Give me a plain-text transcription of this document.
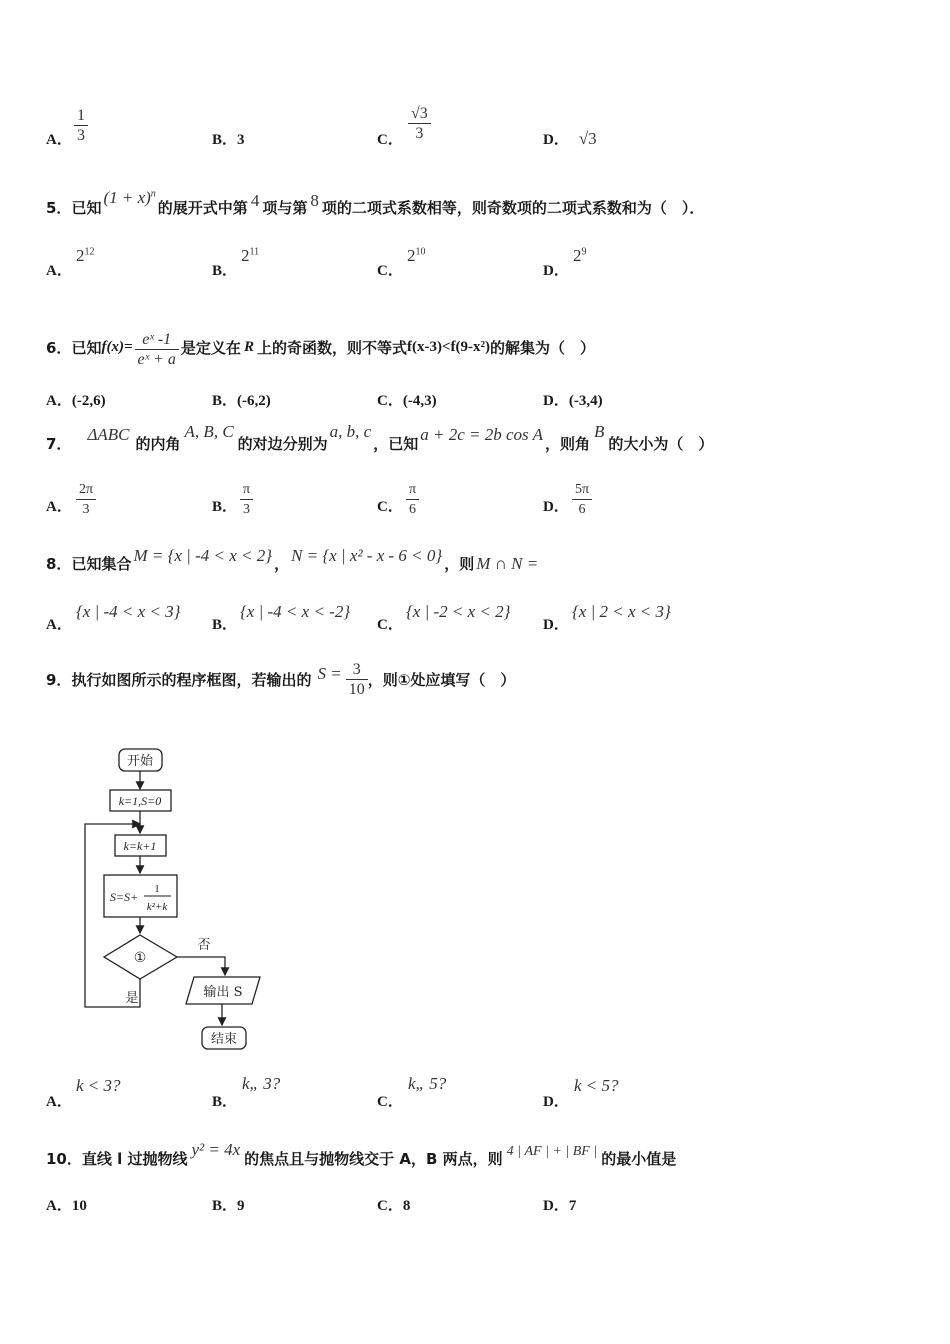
A．
1
3	B．3	C．
√3
3	D． √3
5．已知$(1 + x)^n$的展开式中第 4 项与第 8 项的二项式系数相等，则奇数项的二项式系数和为（　）．
A．
$2^{12}$
B．
$2^{11}$
C．
$2^{10}$
D．
$2^9$
6． 已知 $f(x)= \frac{\text{eˣ -1}}{\text{eˣ + a}}$ 是定义在 R 上的奇函数，则不等式 f(x-3)<f(9-x²) 的解集为（　）
A．(-2,6)	B．(-6,2)	C．(-4,3)	D．(-3,4)
7． ΔABC 的内角A, B, C的对边分别为a, b, c，已知 a + 2c = 2b cos A ，则角B的大小为（　）
A．
2π
3	B．
π
3	C．
π
6	D．
5π
6
8．已知集合 M = {x | -4 < x < 2} ， N = {x | x² - x - 6 < 0} ，则 M ∩ N =
A．
{x | -4 < x < 3}
B．
{x | -4 < x < -2}
C．
{x | -2 < x < 2}
D．
{x | 2 < x < 3}
9． 执行如图所示的程序框图，若输出的 $S = \frac{3}{10}$ ，则①处应填写（　）
开始
k=1,S=0
k=k+1
S=S+
1
k²+k
①
否
是	输出 S
结束
A．
k < 3?
B．
k„ 3?
C．
k„ 5?
D．
k < 5?
10．直线 l 过抛物线 y² = 4x 的焦点且与抛物线交于 A，B 两点，则 4 | AF | + | BF | 的最小值是
A．10	B．9	C．8	D．7
